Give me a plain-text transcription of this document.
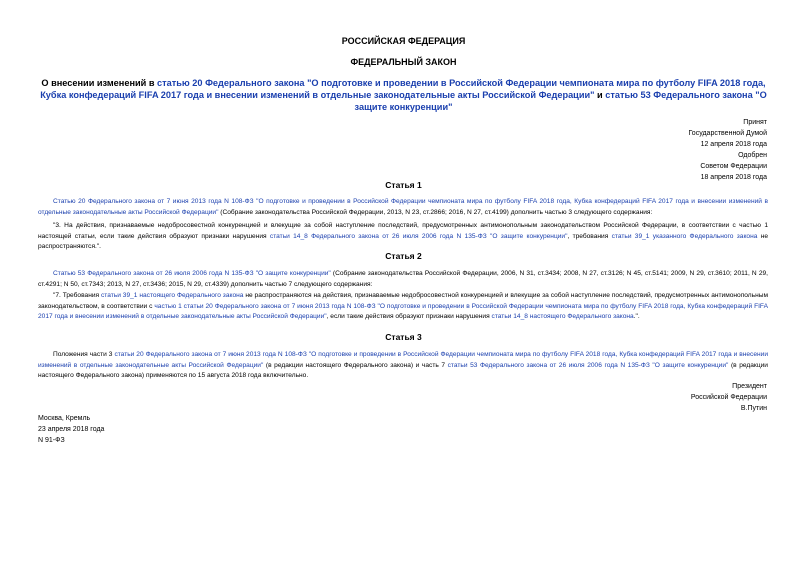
РОССИЙСКАЯ ФЕДЕРАЦИЯ
ФЕДЕРАЛЬНЫЙ ЗАКОН
О внесении изменений в статью 20 Федерального закона "О подготовке и проведении в Российской Федерации чемпионата мира по футболу FIFA 2018 года, Кубка конфедераций FIFA 2017 года и внесении изменений в отдельные законодательные акты Российской Федерации" и статью 53 Федерального закона "О защите конкуренции"
Принят
Государственной Думой
12 апреля 2018 года
Одобрен
Советом Федерации
18 апреля 2018 года
Статья 1
Статью 20 Федерального закона от 7 июня 2013 года N 108-ФЗ "О подготовке и проведении в Российской Федерации чемпионата мира по футболу FIFA 2018 года, Кубка конфедераций FIFA 2017 года и внесении изменений в отдельные законодательные акты Российской Федерации" (Собрание законодательства Российской Федерации, 2013, N 23, ст.2866; 2016, N 27, ст.4199) дополнить частью 3 следующего содержания:
"3. На действия, признаваемые недобросовестной конкуренцией и влекущие за собой наступление последствий, предусмотренных антимонопольным законодательством Российской Федерации, в соответствии с частью 1 настоящей статьи, если такие действия образуют признаки нарушения статьи 14_8 Федерального закона от 26 июля 2006 года N 135-ФЗ "О защите конкуренции", требования статьи 39_1 указанного Федерального закона не распространяются.".
Статья 2
Статью 53 Федерального закона от 26 июля 2006 года N 135-ФЗ "О защите конкуренции" (Собрание законодательства Российской Федерации, 2006, N 31, ст.3434; 2008, N 27, ст.3126; N 45, ст.5141; 2009, N 29, ст.3610; 2011, N 29, ст.4291; N 50, ст.7343; 2013, N 27, ст.3436; 2015, N 29, ст.4339) дополнить частью 7 следующего содержания:
"7. Требования статьи 39_1 настоящего Федерального закона не распространяются на действия, признаваемые недобросовестной конкуренцией и влекущие за собой наступление последствий, предусмотренных антимонопольным законодательством, в соответствии с частью 1 статьи 20 Федерального закона от 7 июня 2013 года N 108-ФЗ "О подготовке и проведении в Российской Федерации чемпионата мира по футболу FIFA 2018 года, Кубка конфедераций FIFA 2017 года и внесении изменений в отдельные законодательные акты Российской Федерации", если такие действия образуют признаки нарушения статьи 14_8 настоящего Федерального закона.".
Статья 3
Положения части 3 статьи 20 Федерального закона от 7 июня 2013 года N 108-ФЗ "О подготовке и проведении в Российской Федерации чемпионата мира по футболу FIFA 2018 года, Кубка конфедераций FIFA 2017 года и внесении изменений в отдельные законодательные акты Российской Федерации" (в редакции настоящего Федерального закона) и часть 7 статьи 53 Федерального закона от 26 июля 2006 года N 135-ФЗ "О защите конкуренции" (в редакции настоящего Федерального закона) применяются по 15 августа 2018 года включительно.
Президент
Российской Федерации
В.Путин
Москва, Кремль
23 апреля 2018 года
N 91-ФЗ
